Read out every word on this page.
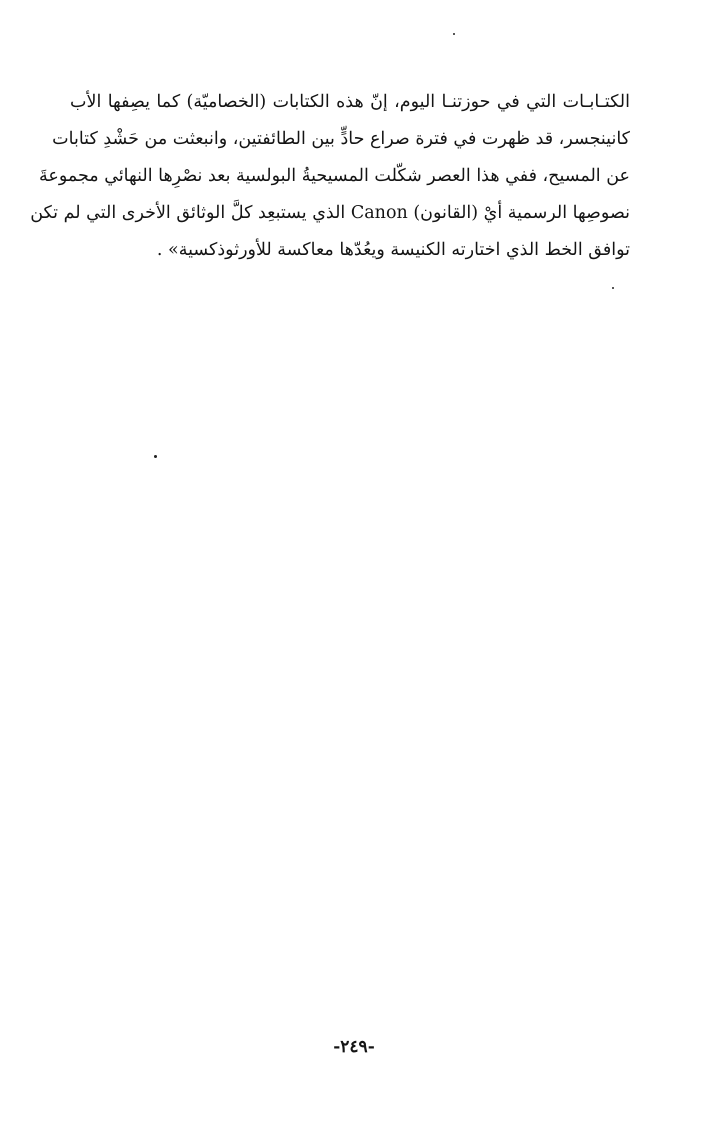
الكتـابـات التي في حوزتنـا اليوم، إنّ هذه الكتابات (الخصاميّة) كما يصِفها الأب
كانينجسر، قد ظهرت في فترة صراع حادٍّ بين الطائفتين، وانبعثت من حَشْدِ كتابات
عن المسيح، ففي هذا العصر شكّلت المسيحيةُ البولسية بعد نصْرِها النهائي مجموعةَ
نصوصِها الرسمية أيْ (القانون) Canon الذي يستبعِد كلَّ الوثائق الأخرى التي لم تكن
توافق الخط الذي اختارته الكنيسة ويعُدّها معاكسة للأورثوذكسية» .
-٢٤٩-
